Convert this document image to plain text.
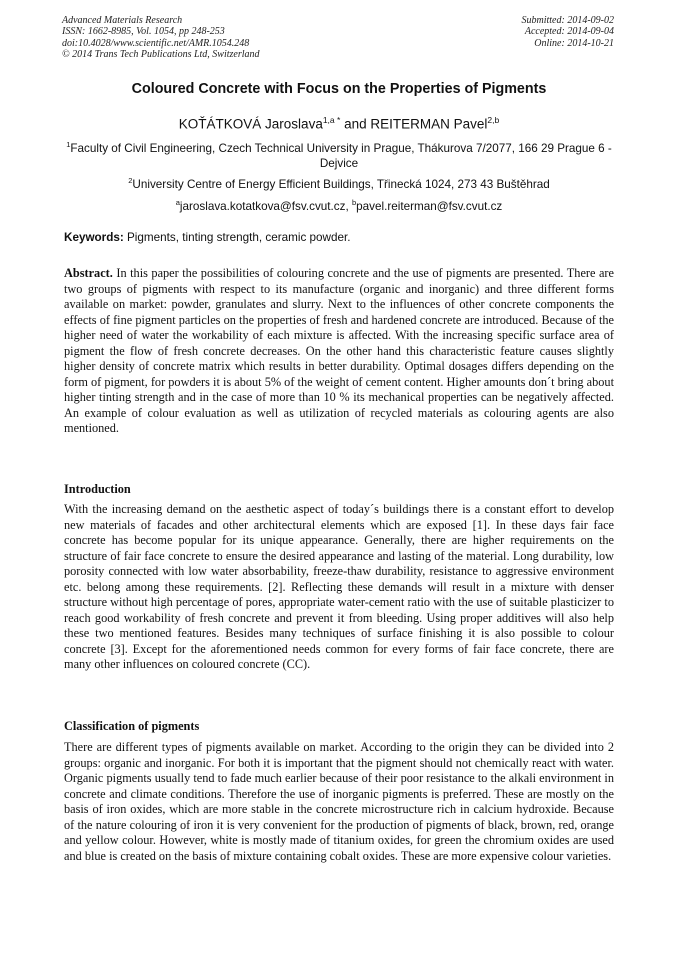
Advanced Materials Research
ISSN: 1662-8985, Vol. 1054, pp 248-253
doi:10.4028/www.scientific.net/AMR.1054.248
© 2014 Trans Tech Publications Ltd, Switzerland
Submitted: 2014-09-02
Accepted: 2014-09-04
Online: 2014-10-21
Coloured Concrete with Focus on the Properties of Pigments
KOŤÁTKOVÁ Jaroslava$^{1,a *}$ and REITERMAN Pavel$^{2,b}$
$^1$Faculty of Civil Engineering, Czech Technical University in Prague, Thákurova 7/2077, 166 29 Prague 6 - Dejvice
$^2$University Centre of Energy Efficient Buildings, Třinecká 1024, 273 43 Buštěhrad
$^a$jaroslava.kotatkova@fsv.cvut.cz, $^b$pavel.reiterman@fsv.cvut.cz
Keywords: Pigments, tinting strength, ceramic powder.
Abstract. In this paper the possibilities of colouring concrete and the use of pigments are presented. There are two groups of pigments with respect to its manufacture (organic and inorganic) and three different forms available on market: powder, granulates and slurry. Next to the influences of other concrete components the effects of fine pigment particles on the properties of fresh and hardened concrete are introduced. Because of the higher need of water the workability of each mixture is affected. With the increasing specific surface area of pigment the flow of fresh concrete decreases. On the other hand this characteristic feature causes slightly higher density of concrete matrix which results in better durability. Optimal dosages differs depending on the form of pigment, for powders it is about 5% of the weight of cement content. Higher amounts don´t bring about higher tinting strength and in the case of more than 10 % its mechanical properties can be negatively affected. An example of colour evaluation as well as utilization of recycled materials as colouring agents are also mentioned.
Introduction
With the increasing demand on the aesthetic aspect of today´s buildings there is a constant effort to develop new materials of facades and other architectural elements which are exposed [1]. In these days fair face concrete has become popular for its unique appearance. Generally, there are higher requirements on the structure of fair face concrete to ensure the desired appearance and lasting of the material. Long durability, low porosity connected with low water absorbability, freeze-thaw durability, resistance to aggressive environment etc. belong among these requirements. [2]. Reflecting these demands will result in a mixture with denser structure without high percentage of pores, appropriate water-cement ratio with the use of suitable plasticizer to reach good workability of fresh concrete and prevent it from bleeding. Using proper additives will also help these two mentioned features. Besides many techniques of surface finishing it is also possible to colour concrete [3]. Except for the aforementioned needs common for every forms of fair face concrete, there are many other influences on coloured concrete (CC).
Classification of pigments
There are different types of pigments available on market. According to the origin they can be divided into 2 groups: organic and inorganic. For both it is important that the pigment should not chemically react with water. Organic pigments usually tend to fade much earlier because of their poor resistance to the alkali environment in concrete and climate conditions. Therefore the use of inorganic pigments is preferred. These are mostly on the basis of iron oxides, which are more stable in the concrete microstructure rich in calcium hydroxide. Because of the nature colouring of iron it is very convenient for the production of pigments of black, brown, red, orange and yellow colour. However, white is mostly made of titanium oxides, for green the chromium oxides are used and blue is created on the basis of mixture containing cobalt oxides. These are more expensive colour varieties.
